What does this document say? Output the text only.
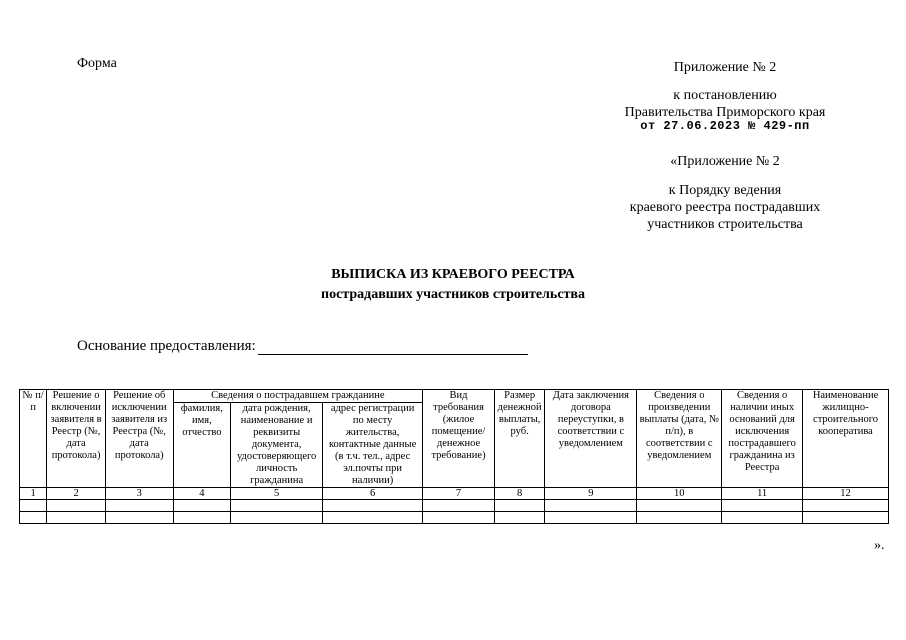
Форма	Приложение № 2
к постановлению
Правительства Приморского края
от 27.06.2023 № 429-пп
«Приложение № 2
к Порядку ведения
краевого реестра пострадавших
участников строительства
ВЫПИСКА ИЗ КРАЕВОГО РЕЕСТРА
пострадавших участников строительства
Основание предоставления:
№ п/п	Решение о включении заявителя в Реестр (№, дата протокола)	Решение об исключении заявителя из Реестра (№, дата протокола)	Сведения о пострадавшем гражданине			Вид требования (жилое помещение/ денежное требование)	Размер денежной выплаты, руб.	Дата заключения договора переуступки, в соответствии с уведомлением	Сведения о произведении выплаты (дата, № п/п), в соответствии с уведомлением	Сведения о наличии иных оснований для исключения пострадавшего гражданина из Реестра	Наименование жилищно-строительного кооператива
			фамилия, имя, отчество	дата рождения, наименование и реквизиты документа, удостоверяющего личность гражданина	адрес регистрации по месту жительства, контактные данные (в т.ч. тел., адрес эл.почты при наличии)						
1	2	3	4	5	6	7	8	9	10	11	12

».
